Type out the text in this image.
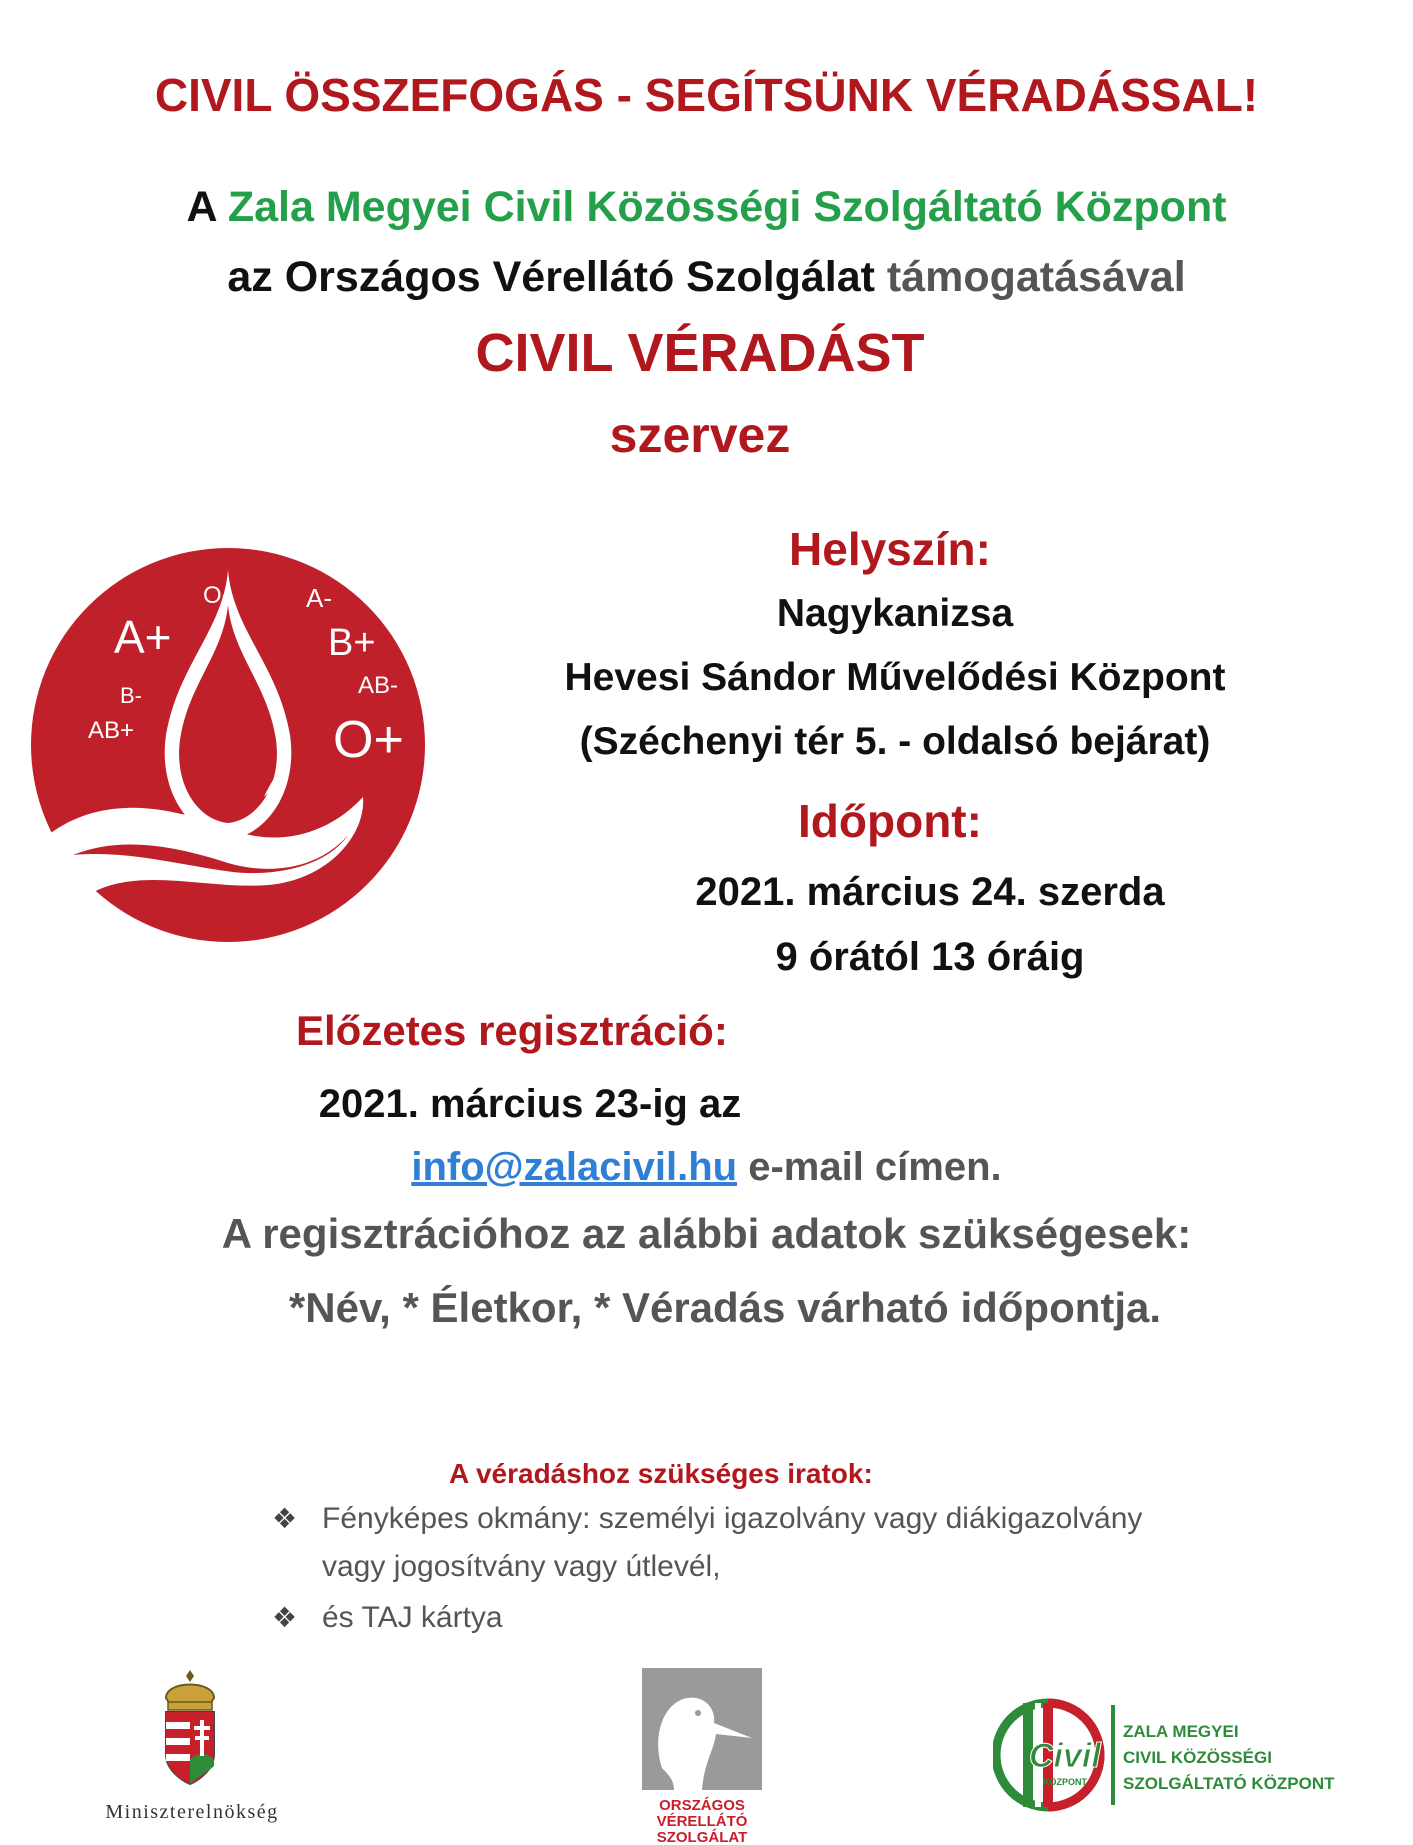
CIVIL ÖSSZEFOGÁS - SEGÍTSÜNK VÉRADÁSSAL!
A Zala Megyei Civil Közösségi Szolgáltató Központ
az Országos Vérellátó Szolgálat támogatásával
CIVIL VÉRADÁST
szervez
O-	A-
A+	B+
B-	AB-
AB+	O+
Helyszín:
Nagykanizsa
Hevesi Sándor Művelődési Központ
(Széchenyi tér 5. - oldalsó bejárat)
Időpont:
2021. március 24. szerda
9 órától 13 óráig
Előzetes regisztráció:
2021. március 23-ig az
info@zalacivil.hu e-mail címen.
A regisztrációhoz az alábbi adatok szükségesek:
*Név, * Életkor, * Véradás várható időpontja.
A véradáshoz szükséges iratok:
❖ Fényképes okmány: személyi igazolvány vagy diákigazolvány
vagy jogosítvány vagy útlevél,
❖ és TAJ kártya
Miniszterelnökség	ORSZÁGOS
VÉRELLÁTÓ
SZOLGÁLAT
Civil
KÖZPONT
ZALA MEGYEI
CIVIL KÖZÖSSÉGI
SZOLGÁLTATÓ KÖZPONT
